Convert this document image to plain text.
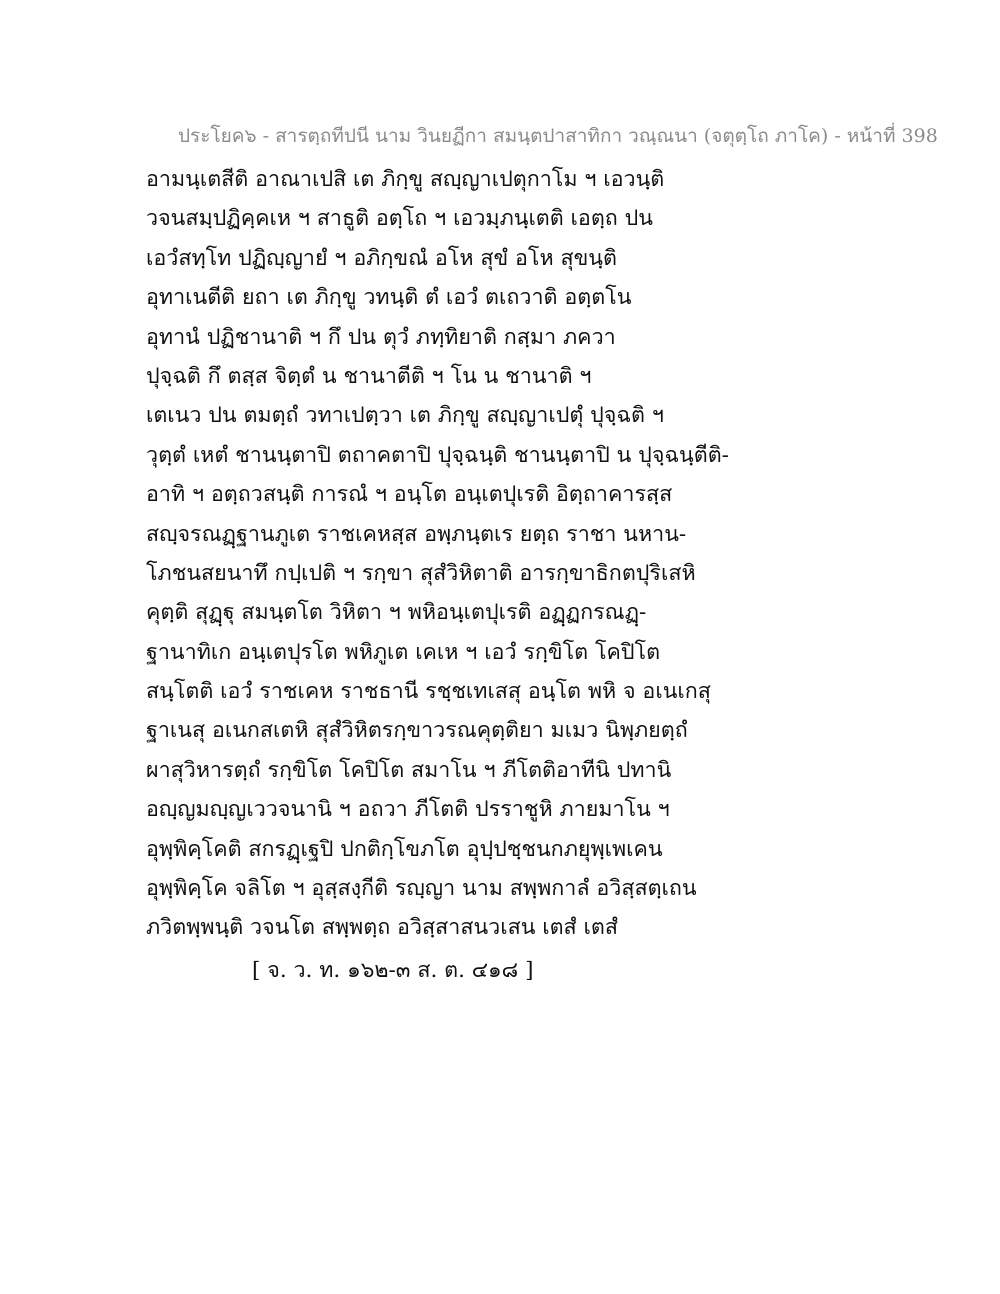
ประโยค๖ - สารตฺถทีปนี นาม วินยฏีกา สมนฺตปาสาทิกา วณฺณนา (จตุตฺโถ ภาโค) - หน้าที่ 398
อามนฺเตสีติ อาณาเปสิ เต ภิกฺขู สญฺญาเปตุกาโม ฯ เอวนฺติ
วจนสมฺปฏิคฺคเห ฯ สาธูติ อตฺโถ ฯ เอวมฺภนฺเตติ เอตฺถ ปน
เอวํสทฺโท ปฏิญฺญายํ ฯ อภิกฺขณํ อโห สุขํ อโห สุขนฺติ
อุทาเนตีติ ยถา เต ภิกฺขู วทนฺติ ตํ เอวํ ตเถวาติ อตฺตโน
อุทานํ ปฏิชานาติ ฯ กึ ปน ตุวํ ภทฺทิยาติ กสฺมา ภควา
ปุจฺฉติ กึ ตสฺส จิตฺตํ น ชานาตีติ ฯ โน น ชานาติ ฯ
เตเนว ปน ตมตฺถํ วทาเปตฺวา เต ภิกฺขู สญฺญาเปตุํ ปุจฺฉติ ฯ
วุตฺตํ เหตํ ชานนฺตาปิ ตถาคตาปิ ปุจฺฉนฺติ ชานนฺตาปิ น ปุจฺฉนฺตีติ-
อาทิ ฯ อตฺถวสนฺติ การณํ ฯ อนฺโต อนฺเตปุเรติ อิตฺถาคารสฺส
สญฺจรณฏฺฐานภูเต ราชเคหสฺส อพฺภนฺตเร ยตฺถ ราชา นหาน-
โภชนสยนาทึ กปฺเปติ ฯ รกฺขา สุสํวิหิตาติ อารกฺขาธิกตปุริเสหิ
คุตฺติ สุฏฺฐุ สมนฺตโต วิหิตา ฯ พหิอนฺเตปุเรติ อฏฺฏกรณฏฺ-
ฐานาทิเก อนฺเตปุรโต พหิภูเต เคเห ฯ เอวํ รกฺขิโต โคปิโต
สนฺโตติ เอวํ ราชเคห ราชธานี รชฺชเทเสสุ อนฺโต พหิ จ อเนเกสุ
ฐาเนสุ อเนกสเตหิ สุสํวิหิตรกฺขาวรณคุตฺติยา มเมว นิพฺภยตฺถํ
ผาสุวิหารตฺถํ รกฺขิโต โคปิโต สมาโน ฯ ภีโตติอาทีนิ ปทานิ
อญฺญมญฺญเววจนานิ ฯ อถวา ภีโตติ ปรราชูหิ ภายมาโน ฯ
อุพฺพิคฺโคติ สกรฏฺเฐปิ ปกติกฺโขภโต อุปฺปชฺชนกภยุพฺเพเคน
อุพฺพิคฺโค จลิโต ฯ อุสฺสงฺกีติ รญฺญา นาม สพฺพกาลํ อวิสฺสตฺเถน
ภวิตพฺพนฺติ วจนโต สพฺพตฺถ อวิสฺสาสนวเสน เตสํ เตสํ
[ จ. ว. ท. ๑๖๒-๓ ส. ต. ๔๑๘ ]
